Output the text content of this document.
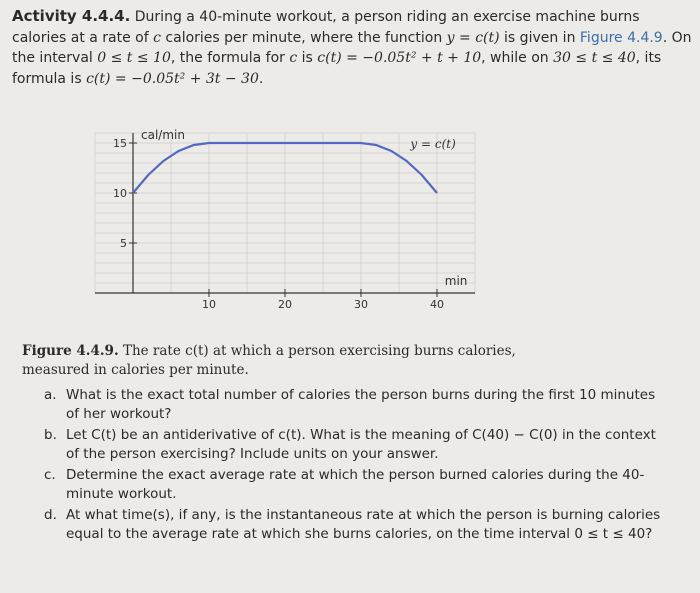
Activity 4.4.4. During a 40-minute workout, a person riding an exercise machine burns calories at a rate of c calories per minute, where the function y = c(t) is given in Figure 4.4.9. On the interval 0 ≤ t ≤ 10, the formula for c is c(t) = −0.05t² + t + 10, while on 30 ≤ t ≤ 40, its formula is c(t) = −0.05t² + 3t − 30.
10	20	30	40
5
10
15
cal/min
min
y = c(t)
Figure 4.4.9. The rate c(t) at which a person exercising burns calories, measured in calories per minute.
a. What is the exact total number of calories the person burns during the first 10 minutes of her workout?
b. Let C(t) be an antiderivative of c(t). What is the meaning of C(40) − C(0) in the context of the person exercising? Include units on your answer.
c. Determine the exact average rate at which the person burned calories during the 40-minute workout.
d. At what time(s), if any, is the instantaneous rate at which the person is burning calories equal to the average rate at which she burns calories, on the time interval 0 ≤ t ≤ 40?
